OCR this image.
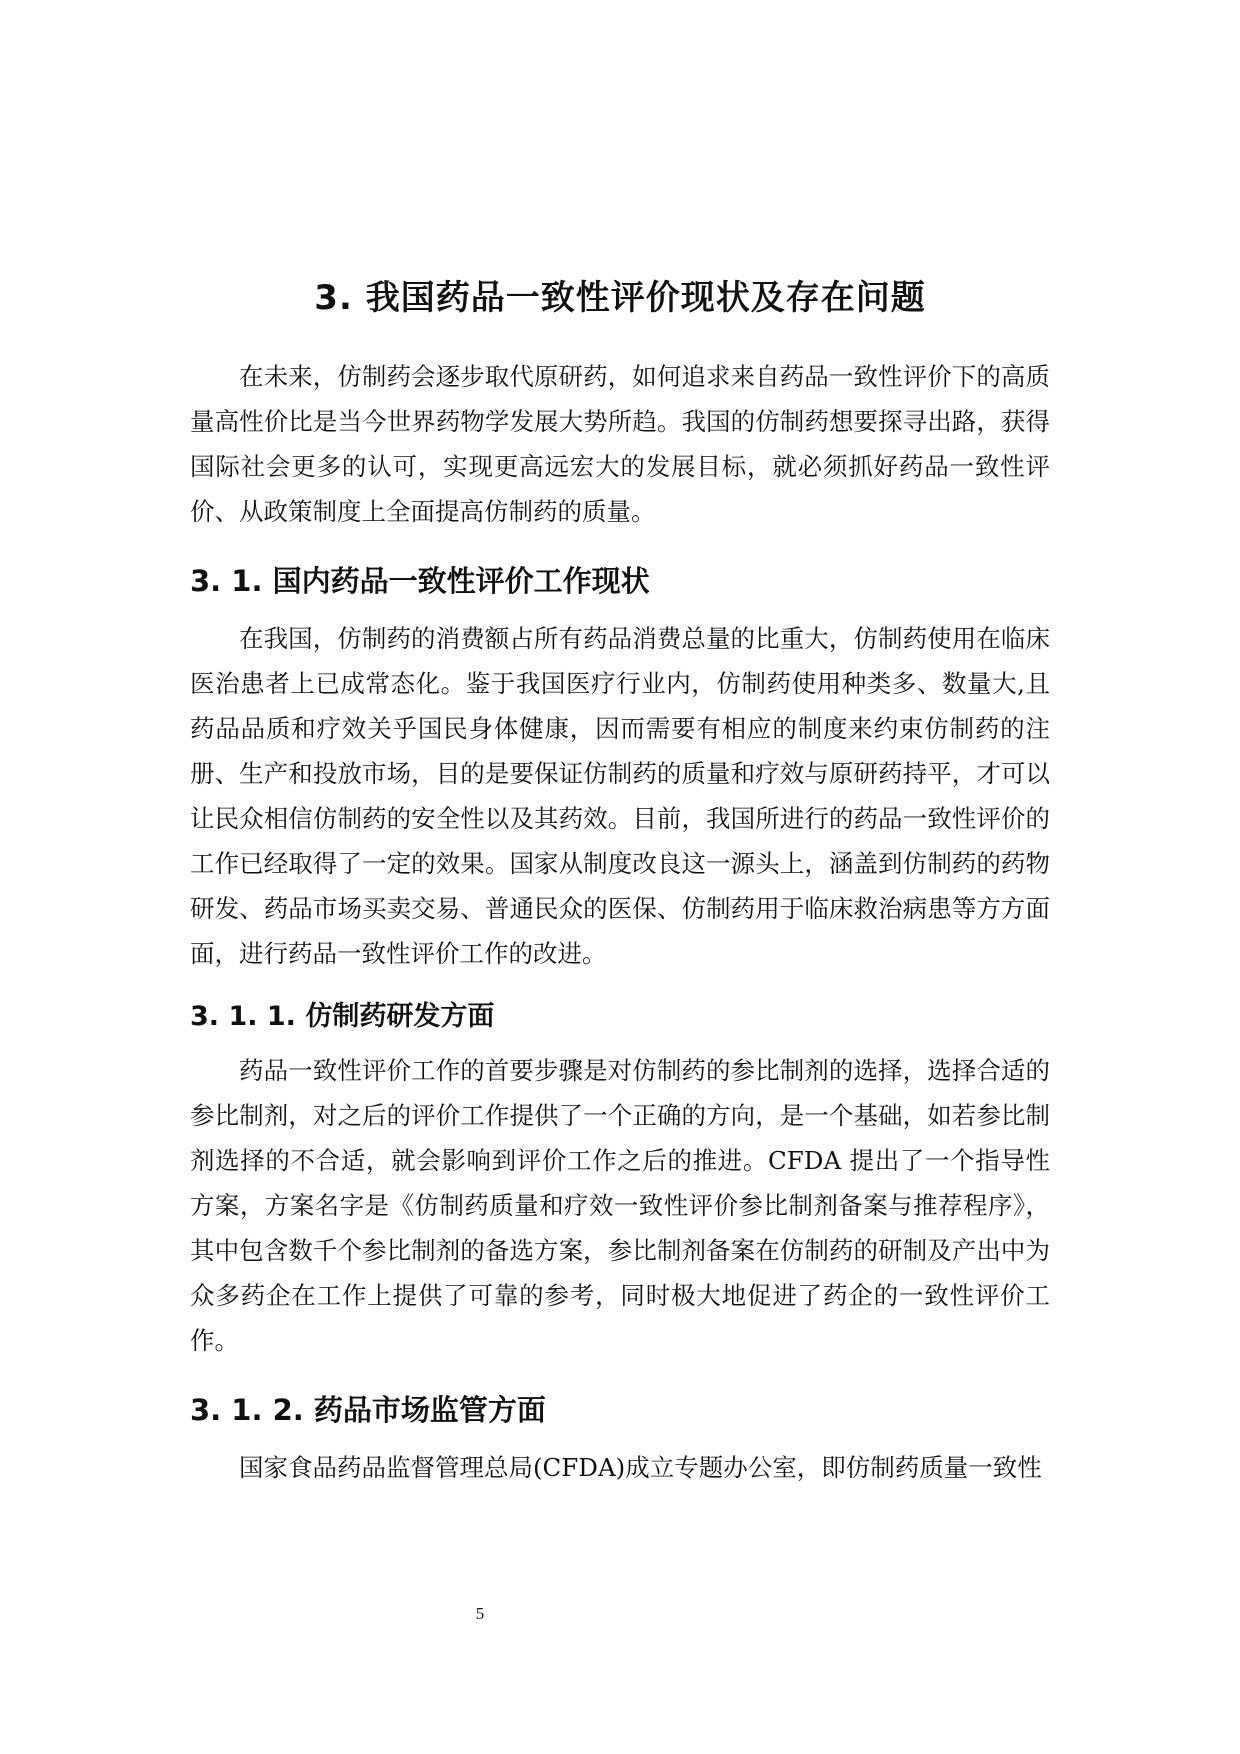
3. 我国药品一致性评价现状及存在问题

在未来，仿制药会逐步取代原研药，如何追求来自药品一致性评价下的高质量高性价比是当今世界药物学发展大势所趋。我国的仿制药想要探寻出路，获得国际社会更多的认可，实现更高远宏大的发展目标，就必须抓好药品一致性评价、从政策制度上全面提高仿制药的质量。

3. 1. 国内药品一致性评价工作现状

在我国，仿制药的消费额占所有药品消费总量的比重大，仿制药使用在临床医治患者上已成常态化。鉴于我国医疗行业内，仿制药使用种类多、数量大,且药品品质和疗效关乎国民身体健康，因而需要有相应的制度来约束仿制药的注册、生产和投放市场，目的是要保证仿制药的质量和疗效与原研药持平，才可以让民众相信仿制药的安全性以及其药效。目前，我国所进行的药品一致性评价的工作已经取得了一定的效果。国家从制度改良这一源头上，涵盖到仿制药的药物研发、药品市场买卖交易、普通民众的医保、仿制药用于临床救治病患等方方面面，进行药品一致性评价工作的改进。

3. 1. 1. 仿制药研发方面

药品一致性评价工作的首要步骤是对仿制药的参比制剂的选择，选择合适的参比制剂，对之后的评价工作提供了一个正确的方向，是一个基础，如若参比制剂选择的不合适，就会影响到评价工作之后的推进。CFDA 提出了一个指导性方案，方案名字是《仿制药质量和疗效一致性评价参比制剂备案与推荐程序》，其中包含数千个参比制剂的备选方案，参比制剂备案在仿制药的研制及产出中为众多药企在工作上提供了可靠的参考，同时极大地促进了药企的一致性评价工作。

3. 1. 2. 药品市场监管方面

国家食品药品监督管理总局(CFDA)成立专题办公室，即仿制药质量一致性

5
